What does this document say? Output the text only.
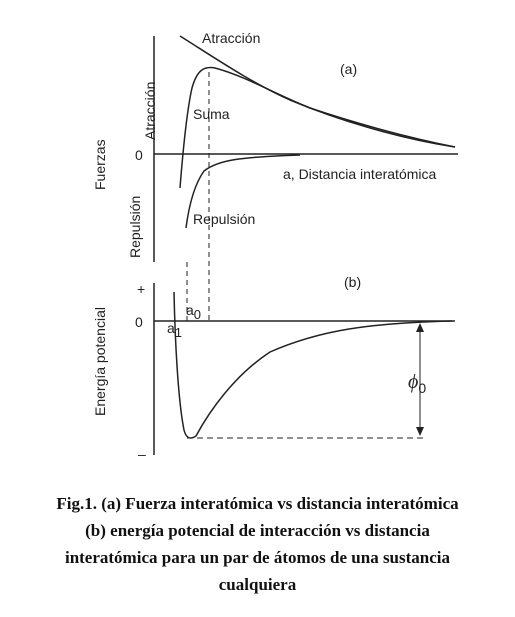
(a)
Atracción
Suma
Repulsión
a, Distancia interatómica
0
Fuerzas
Atracción
Repulsión
(b)
Energía potencial
+
0
–
a0
a1
$\phi_0$
Fig.1. (a) Fuerza interatómica vs distancia interatómica
(b) energía potencial de interacción vs distancia
interatómica para un par de átomos de una sustancia
cualquiera
